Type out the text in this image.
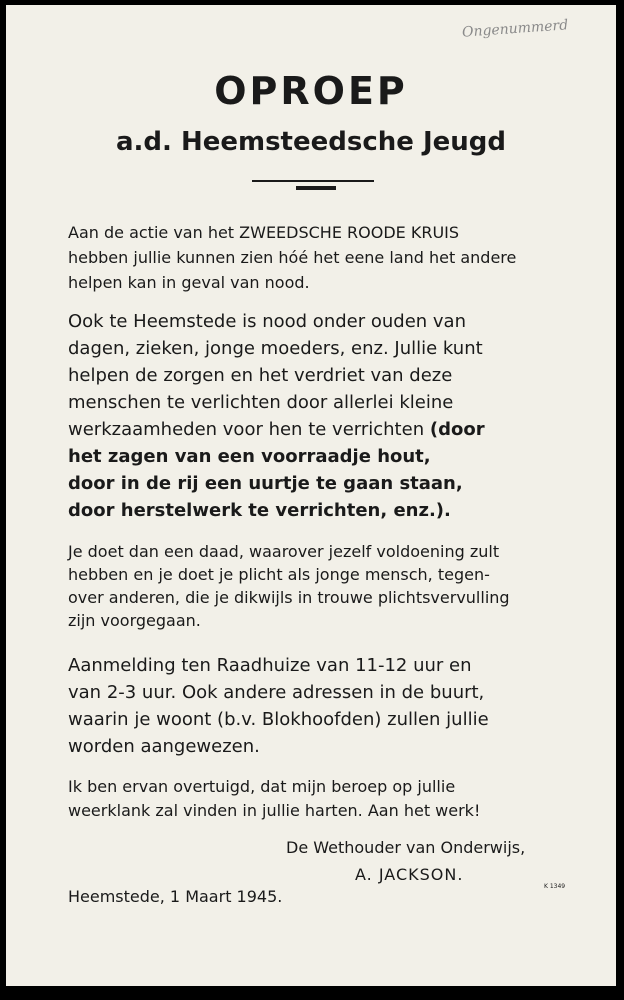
Ongenummerd
OPROEP
a.d. Heemsteedsche Jeugd

Aan de actie van het ZWEEDSCHE ROODE KRUIS
hebben jullie kunnen zien hóé het eene land het andere
helpen kan in geval van nood.

Ook te Heemstede is nood onder ouden van
dagen, zieken, jonge moeders, enz. Jullie kunt
helpen de zorgen en het verdriet van deze
menschen te verlichten door allerlei kleine
werkzaamheden voor hen te verrichten (door
het zagen van een voorraadje hout,
door in de rij een uurtje te gaan staan,
door herstelwerk te verrichten, enz.).

Je doet dan een daad, waarover jezelf voldoening zult
hebben en je doet je plicht als jonge mensch, tegen-
over anderen, die je dikwijls in trouwe plichtsvervulling
zijn voorgegaan.

Aanmelding ten Raadhuize van 11-12 uur en
van 2-3 uur. Ook andere adressen in de buurt,
waarin je woont (b.v. Blokhoofden) zullen jullie
worden aangewezen.

Ik ben ervan overtuigd, dat mijn beroep op jullie
weerklank zal vinden in jullie harten. Aan het werk!

De Wethouder van Onderwijs,

A. JACKSON.

Heemstede, 1 Maart 1945.

K 1349
